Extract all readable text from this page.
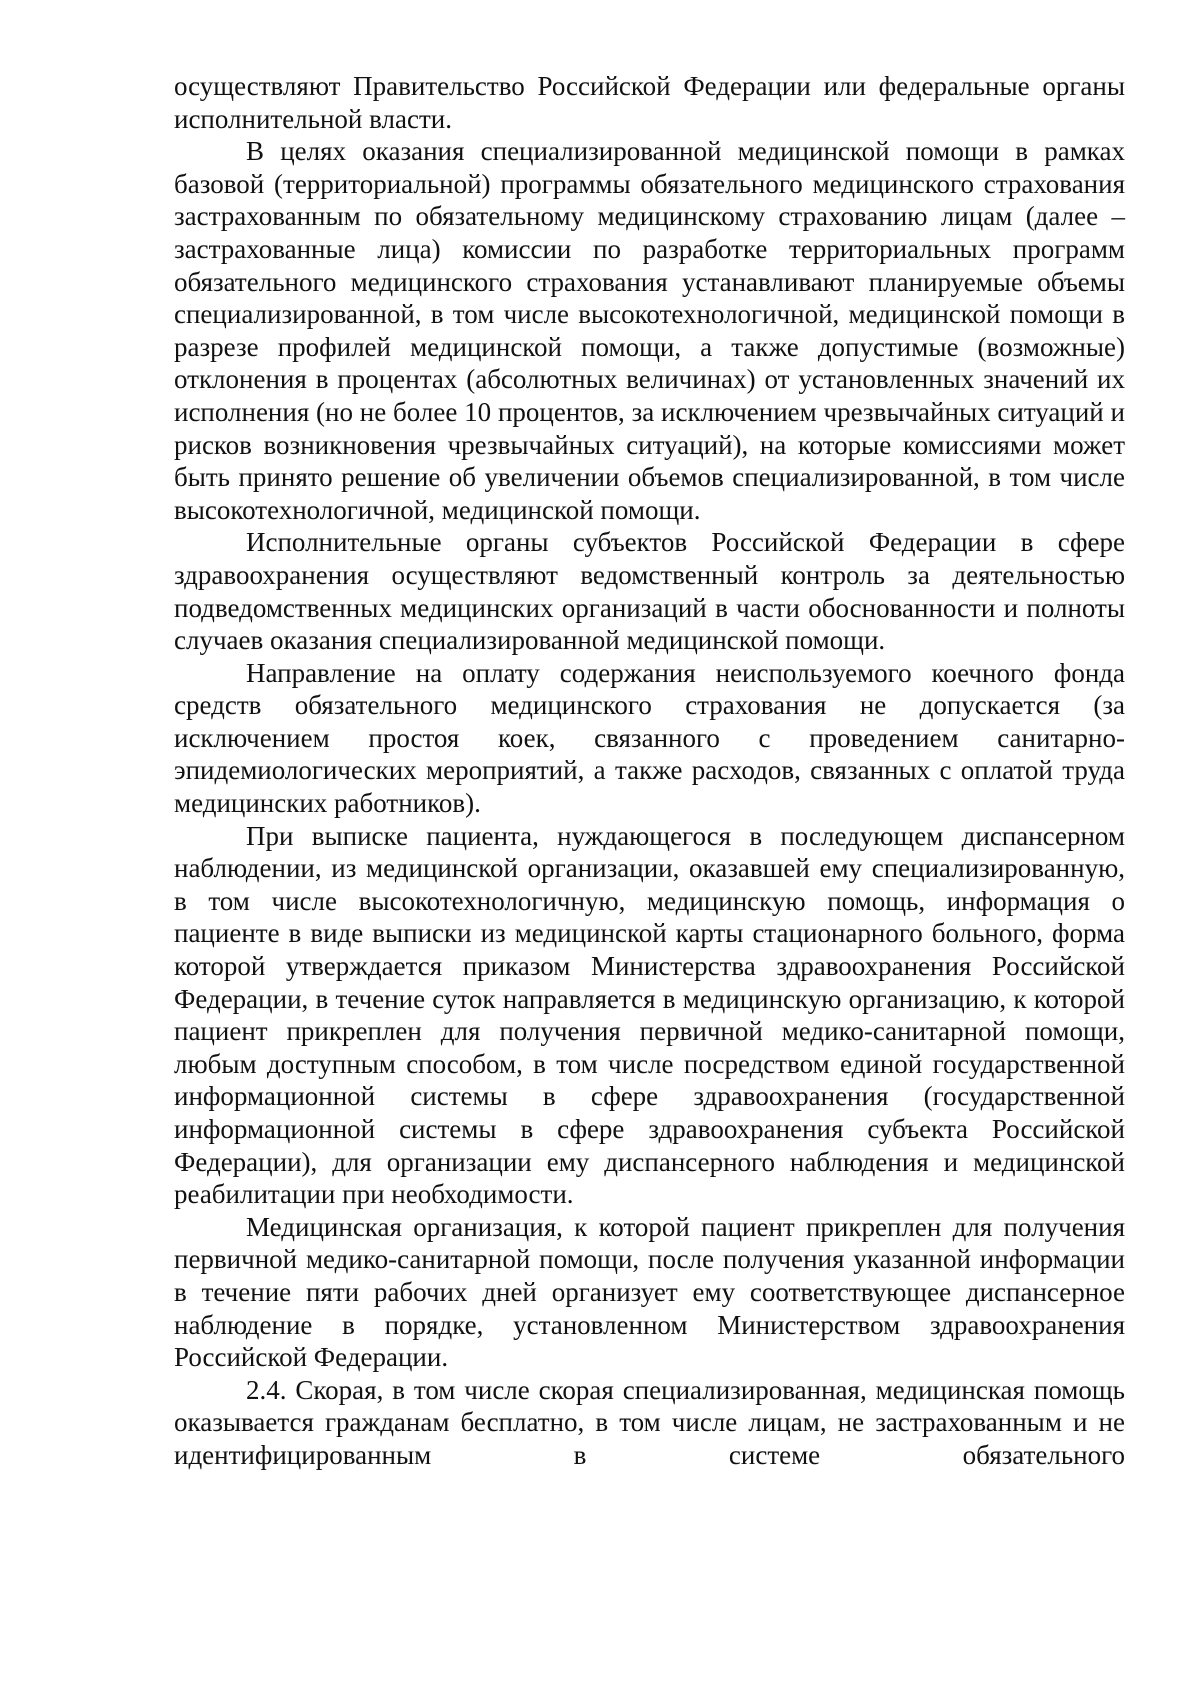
осуществляют Правительство Российской Федерации или федеральные органы исполнительной власти.

В целях оказания специализированной медицинской помощи в рамках базовой (территориальной) программы обязательного медицинского страхования застрахованным по обязательному медицинскому страхованию лицам (далее – застрахованные лица) комиссии по разработке территориальных программ обязательного медицинского страхования устанавливают планируемые объемы специализированной, в том числе высокотехнологичной, медицинской помощи в разрезе профилей медицинской помощи, а также допустимые (возможные) отклонения в процентах (абсолютных величинах) от установленных значений их исполнения (но не более 10 процентов, за исключением чрезвычайных ситуаций и рисков возникновения чрезвычайных ситуаций), на которые комиссиями может быть принято решение об увеличении объемов специализированной, в том числе высокотехнологичной, медицинской помощи.

Исполнительные органы субъектов Российской Федерации в сфере здравоохранения осуществляют ведомственный контроль за деятельностью подведомственных медицинских организаций в части обоснованности и полноты случаев оказания специализированной медицинской помощи.

Направление на оплату содержания неиспользуемого коечного фонда средств обязательного медицинского страхования не допускается (за исключением простоя коек, связанного с проведением санитарно-эпидемиологических мероприятий, а также расходов, связанных с оплатой труда медицинских работников).

При выписке пациента, нуждающегося в последующем диспансерном наблюдении, из медицинской организации, оказавшей ему специализированную, в том числе высокотехнологичную, медицинскую помощь, информация о пациенте в виде выписки из медицинской карты стационарного больного, форма которой утверждается приказом Министерства здравоохранения Российской Федерации, в течение суток направляется в медицинскую организацию, к которой пациент прикреплен для получения первичной медико-санитарной помощи, любым доступным способом, в том числе посредством единой государственной информационной системы в сфере здравоохранения (государственной информационной системы в сфере здравоохранения субъекта Российской Федерации), для организации ему диспансерного наблюдения и медицинской реабилитации при необходимости.

Медицинская организация, к которой пациент прикреплен для получения первичной медико-санитарной помощи, после получения указанной информации в течение пяти рабочих дней организует ему соответствующее диспансерное наблюдение в порядке, установленном Министерством здравоохранения Российской Федерации.

2.4. Скорая, в том числе скорая специализированная, медицинская помощь оказывается гражданам бесплатно, в том числе лицам, не застрахованным и не идентифицированным в системе обязательного
